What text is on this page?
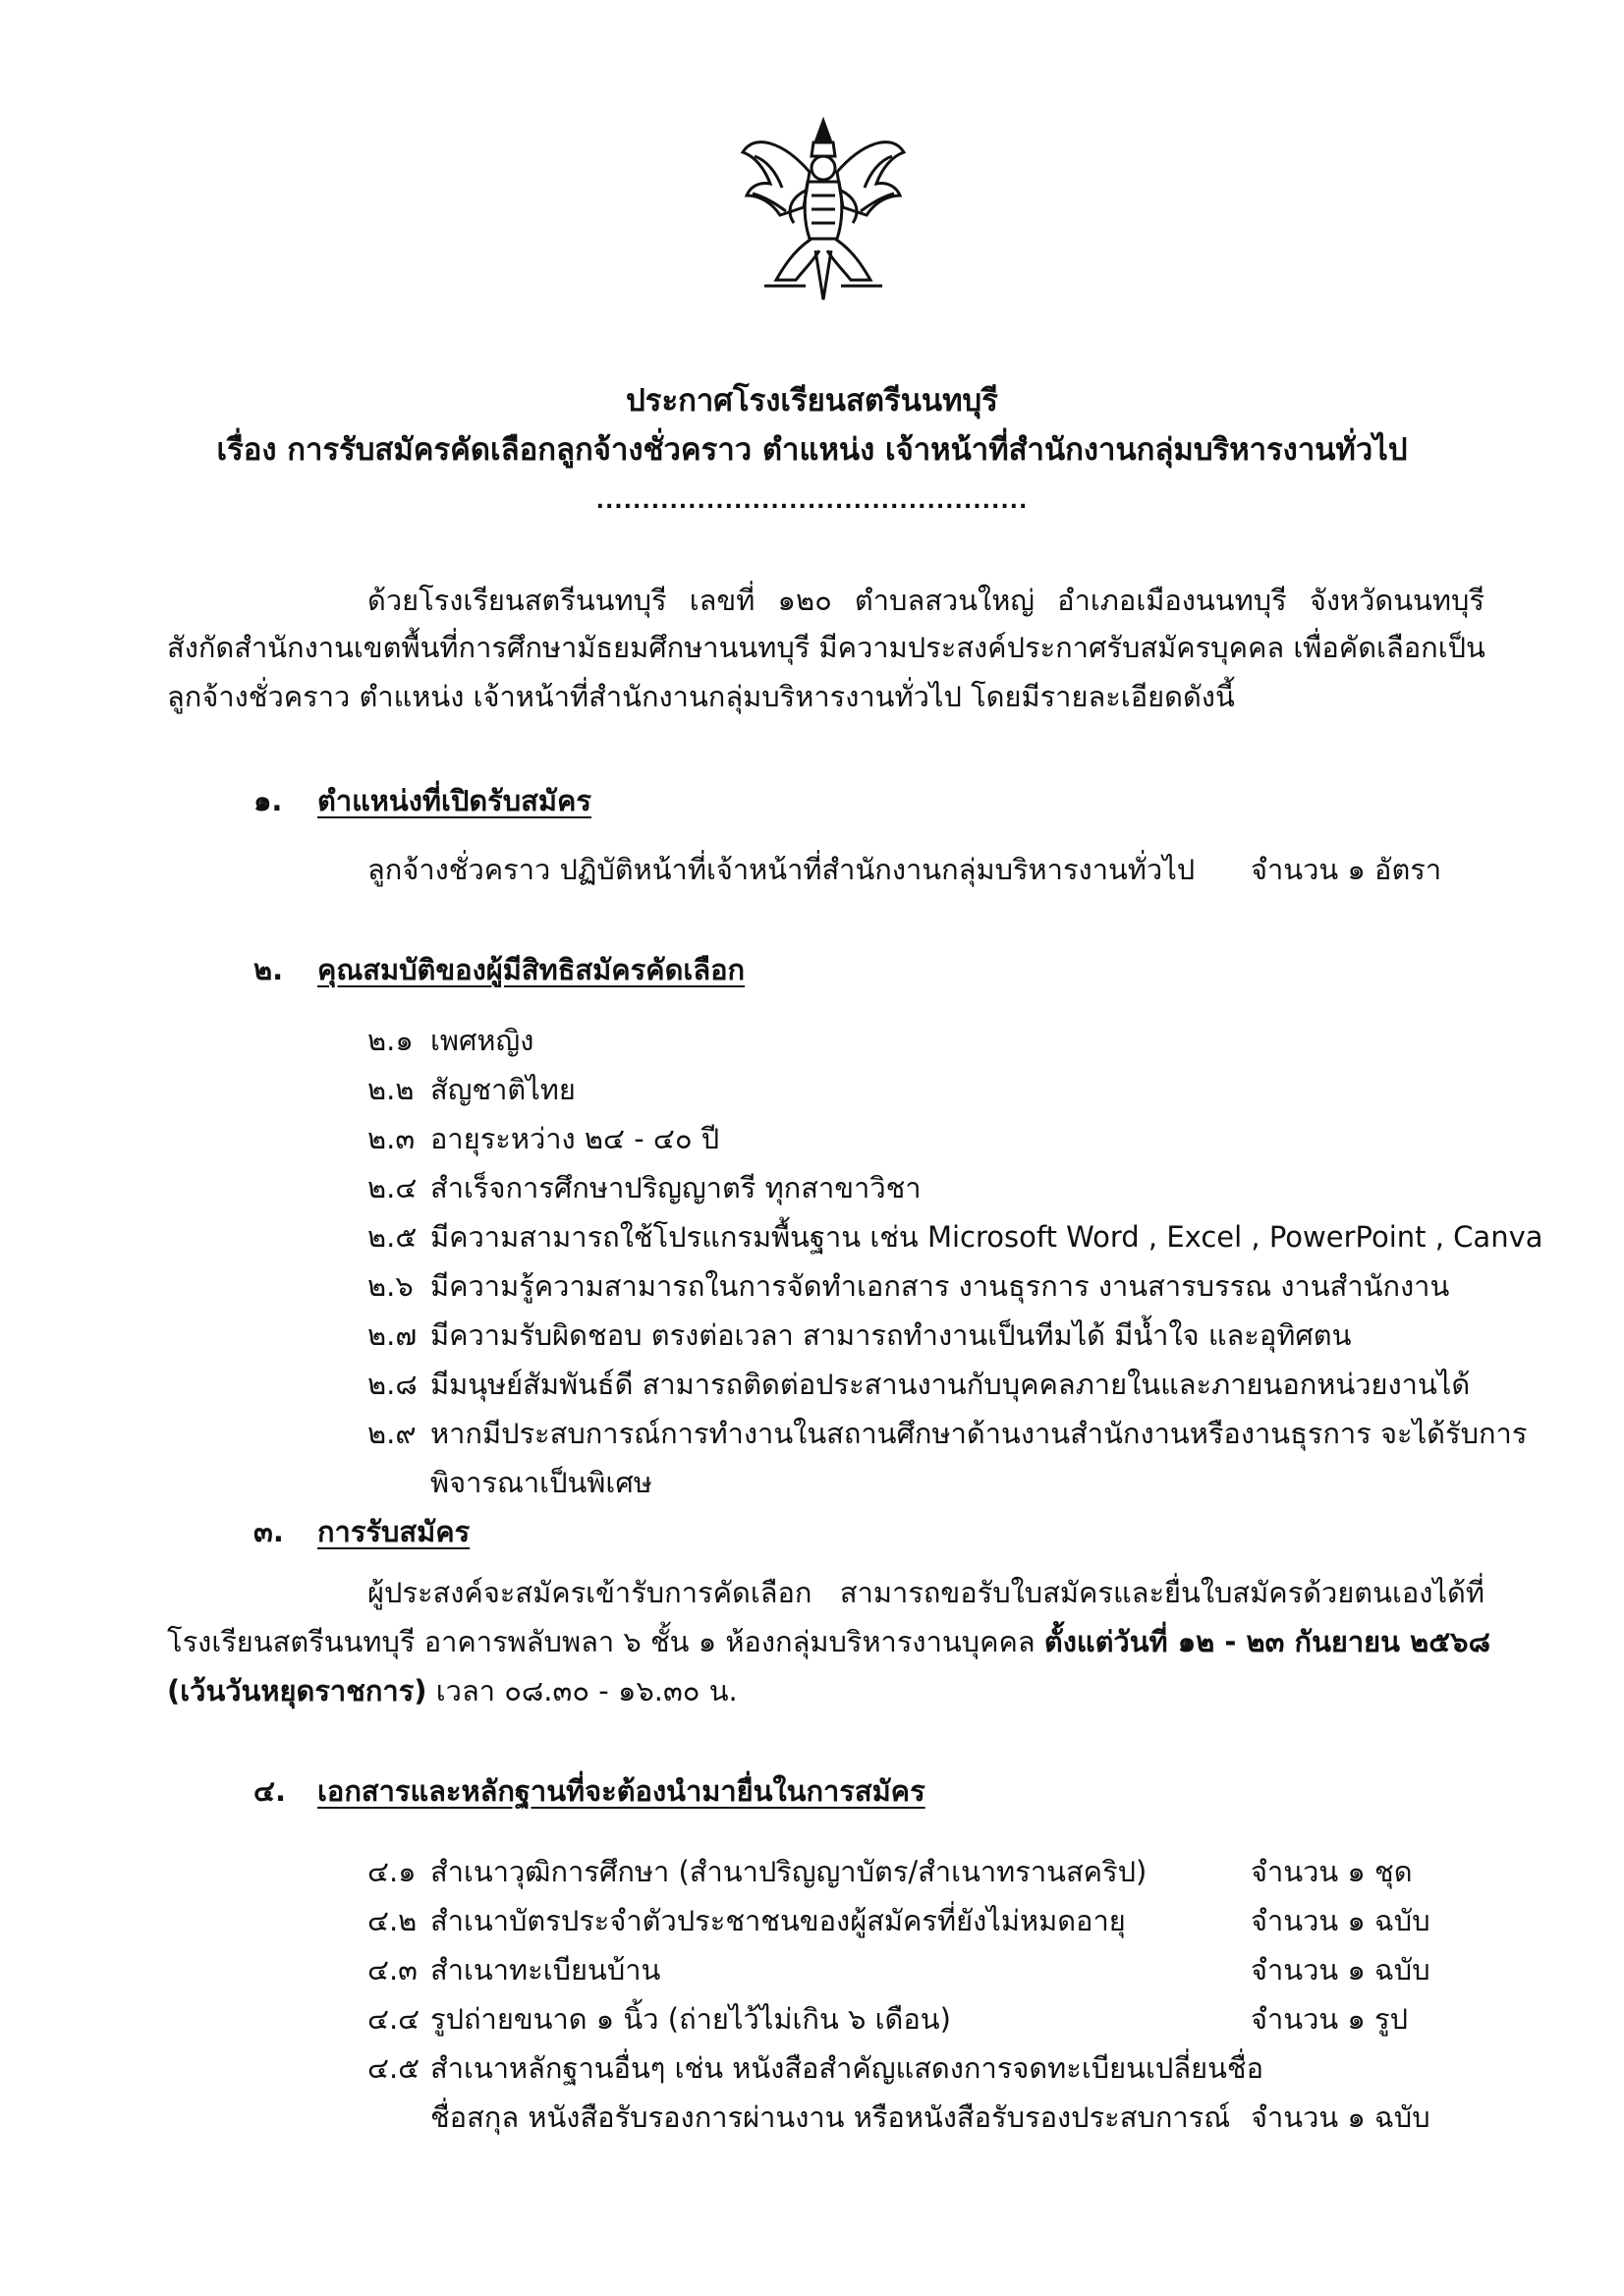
ประกาศโรงเรียนสตรีนนทบุรี
เรื่อง การรับสมัครคัดเลือกลูกจ้างชั่วคราว ตำแหน่ง เจ้าหน้าที่สำนักงานกลุ่มบริหารงานทั่วไป
...............................................
ด้วยโรงเรียนสตรีนนทบุรี เลขที่ ๑๒๐ ตำบลสวนใหญ่ อำเภอเมืองนนทบุรี จังหวัดนนทบุรี
สังกัดสำนักงานเขตพื้นที่การศึกษามัธยมศึกษานนทบุรี มีความประสงค์ประกาศรับสมัครบุคคล เพื่อคัดเลือกเป็น
ลูกจ้างชั่วคราว ตำแหน่ง เจ้าหน้าที่สำนักงานกลุ่มบริหารงานทั่วไป โดยมีรายละเอียดดังนี้
๑. ตำแหน่งที่เปิดรับสมัคร
ลูกจ้างชั่วคราว ปฏิบัติหน้าที่เจ้าหน้าที่สำนักงานกลุ่มบริหารงานทั่วไป จำนวน ๑ อัตรา
๒. คุณสมบัติของผู้มีสิทธิสมัครคัดเลือก
๒.๑ เพศหญิง
๒.๒ สัญชาติไทย
๒.๓ อายุระหว่าง ๒๔ - ๔๐ ปี
๒.๔ สำเร็จการศึกษาปริญญาตรี ทุกสาขาวิชา
๒.๕ มีความสามารถใช้โปรแกรมพื้นฐาน เช่น Microsoft Word , Excel , PowerPoint , Canva
๒.๖ มีความรู้ความสามารถในการจัดทำเอกสาร งานธุรการ งานสารบรรณ งานสำนักงาน
๒.๗ มีความรับผิดชอบ ตรงต่อเวลา สามารถทำงานเป็นทีมได้ มีน้ำใจ และอุทิศตน
๒.๘ มีมนุษย์สัมพันธ์ดี สามารถติดต่อประสานงานกับบุคคลภายในและภายนอกหน่วยงานได้
๒.๙ หากมีประสบการณ์การทำงานในสถานศึกษาด้านงานสำนักงานหรืองานธุรการ จะได้รับการ
พิจารณาเป็นพิเศษ
๓. การรับสมัคร
ผู้ประสงค์จะสมัครเข้ารับการคัดเลือก สามารถขอรับใบสมัครและยื่นใบสมัครด้วยตนเองได้ที่
โรงเรียนสตรีนนทบุรี อาคารพลับพลา ๖ ชั้น ๑ ห้องกลุ่มบริหารงานบุคคล ตั้งแต่วันที่ ๑๒ - ๒๓ กันยายน ๒๕๖๘
(เว้นวันหยุดราชการ) เวลา ๐๘.๓๐ - ๑๖.๓๐ น.
๔. เอกสารและหลักฐานที่จะต้องนำมายื่นในการสมัคร
๔.๑ สำเนาวุฒิการศึกษา (สำนาปริญญาบัตร/สำเนาทรานสคริป)	จำนวน ๑ ชุด
๔.๒ สำเนาบัตรประจำตัวประชาชนของผู้สมัครที่ยังไม่หมดอายุ	จำนวน ๑ ฉบับ
๔.๓ สำเนาทะเบียนบ้าน	จำนวน ๑ ฉบับ
๔.๔ รูปถ่ายขนาด ๑ นิ้ว (ถ่ายไว้ไม่เกิน ๖ เดือน)	จำนวน ๑ รูป
๔.๕ สำเนาหลักฐานอื่นๆ เช่น หนังสือสำคัญแสดงการจดทะเบียนเปลี่ยนชื่อ
ชื่อสกุล หนังสือรับรองการผ่านงาน หรือหนังสือรับรองประสบการณ์ จำนวน ๑ ฉบับ
